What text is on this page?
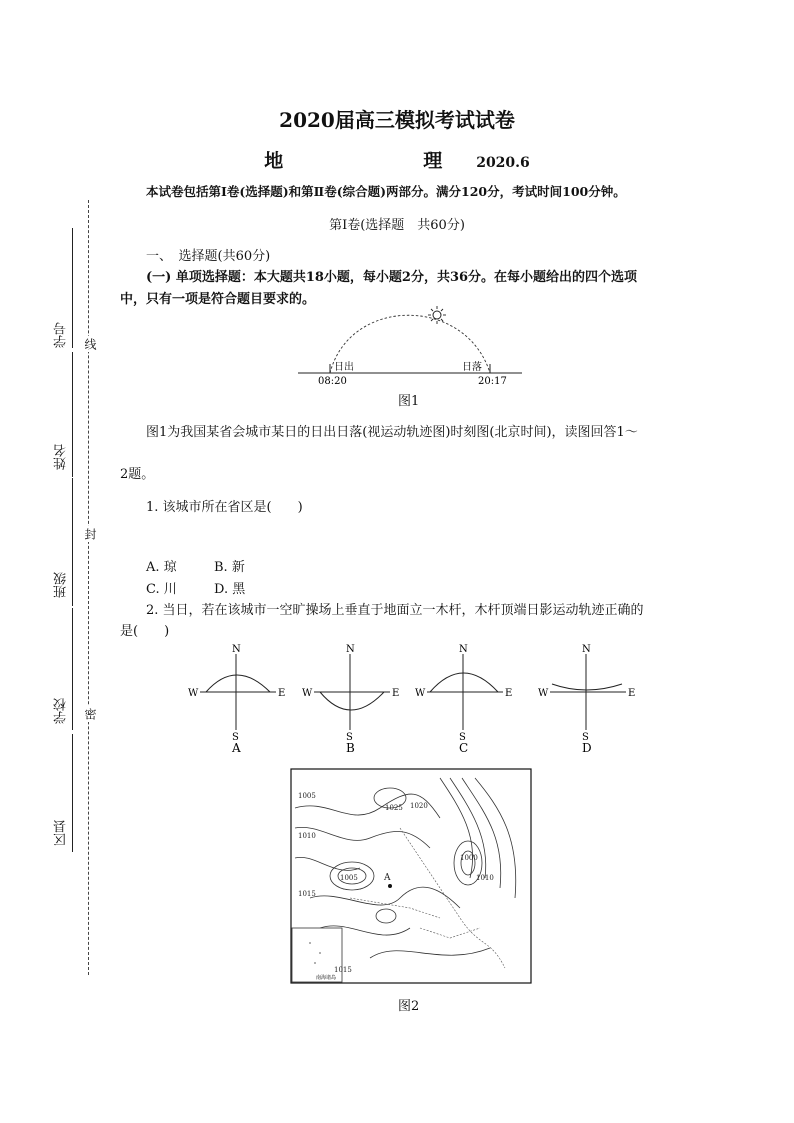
2020届高三模拟考试试卷
地　　理2020.6
本试卷包括第Ⅰ卷(选择题)和第Ⅱ卷(综合题)两部分。满分120分，考试时间100分钟。
第Ⅰ卷(选择题　共60分)
线
封
密
学号
姓名
班级
学校
区县
一、　选择题(共60分)
(一) 单项选择题：本大题共18小题，每小题2分，共36分。在每小题给出的四个选项
中，只有一项是符合题目要求的。
日出	日落
08:20	20:17
图1
图1为我国某省会城市某日的日出日落(视运动轨迹图)时刻图(北京时间)，读图回答1～
2题。
1. 该城市所在省区是(　　)
A. 琼	B. 新
C. 川	D. 黑
2. 当日，若在该城市一空旷操场上垂直于地面立一木杆，木杆顶端日影运动轨迹正确的
是(　　)
N
S
W	E
A
N
S
W	E
B
N
S
W	E
C
N
S
W	E
D
南海诸岛
1005
1010
1025 1020
1015
1000
1010
1005
1015
A
图2
